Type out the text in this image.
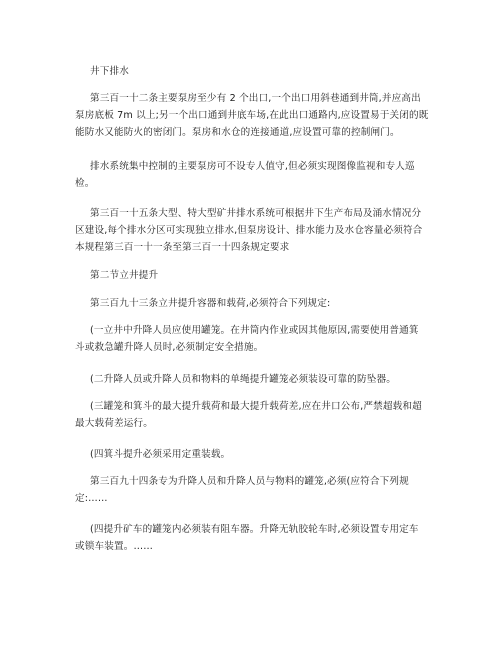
井下排水
第三百一十二条主要泵房至少有 2 个出口,一个出口用斜巷通到井筒,并应高出
泵房底板 7m 以上;另一个出口通到井底车场,在此出口通路内,应设置易于关闭的既
能防水又能防火的密闭门。泵房和水仓的连接通道,应设置可靠的控制闸门。
排水系统集中控制的主要泵房可不设专人值守,但必须实现图像监视和专人巡
检。
第三百一十五条大型、特大型矿井排水系统可根据井下生产布局及涌水情况分
区建设,每个排水分区可实现独立排水,但泵房设计、排水能力及水仓容量必须符合
本规程第三百一十一条至第三百一十四条规定要求
第二节立井提升
第三百九十三条立井提升容器和载荷,必须符合下列规定:
(一立井中升降人员应使用罐笼。在井筒内作业或因其他原因,需要使用普通箕
斗或救急罐升降人员时,必须制定安全措施。
(二升降人员或升降人员和物料的单绳提升罐笼必须装设可靠的防坠器。
(三罐笼和箕斗的最大提升载荷和最大提升载荷差,应在井口公布,严禁超载和超
最大载荷差运行。
(四箕斗提升必须采用定重装载。
第三百九十四条专为升降人员和升降人员与物料的罐笼,必须(应符合下列规
定:……
(四提升矿车的罐笼内必须装有阻车器。升降无轨胶轮车时,必须设置专用定车
或锁车装置。……
